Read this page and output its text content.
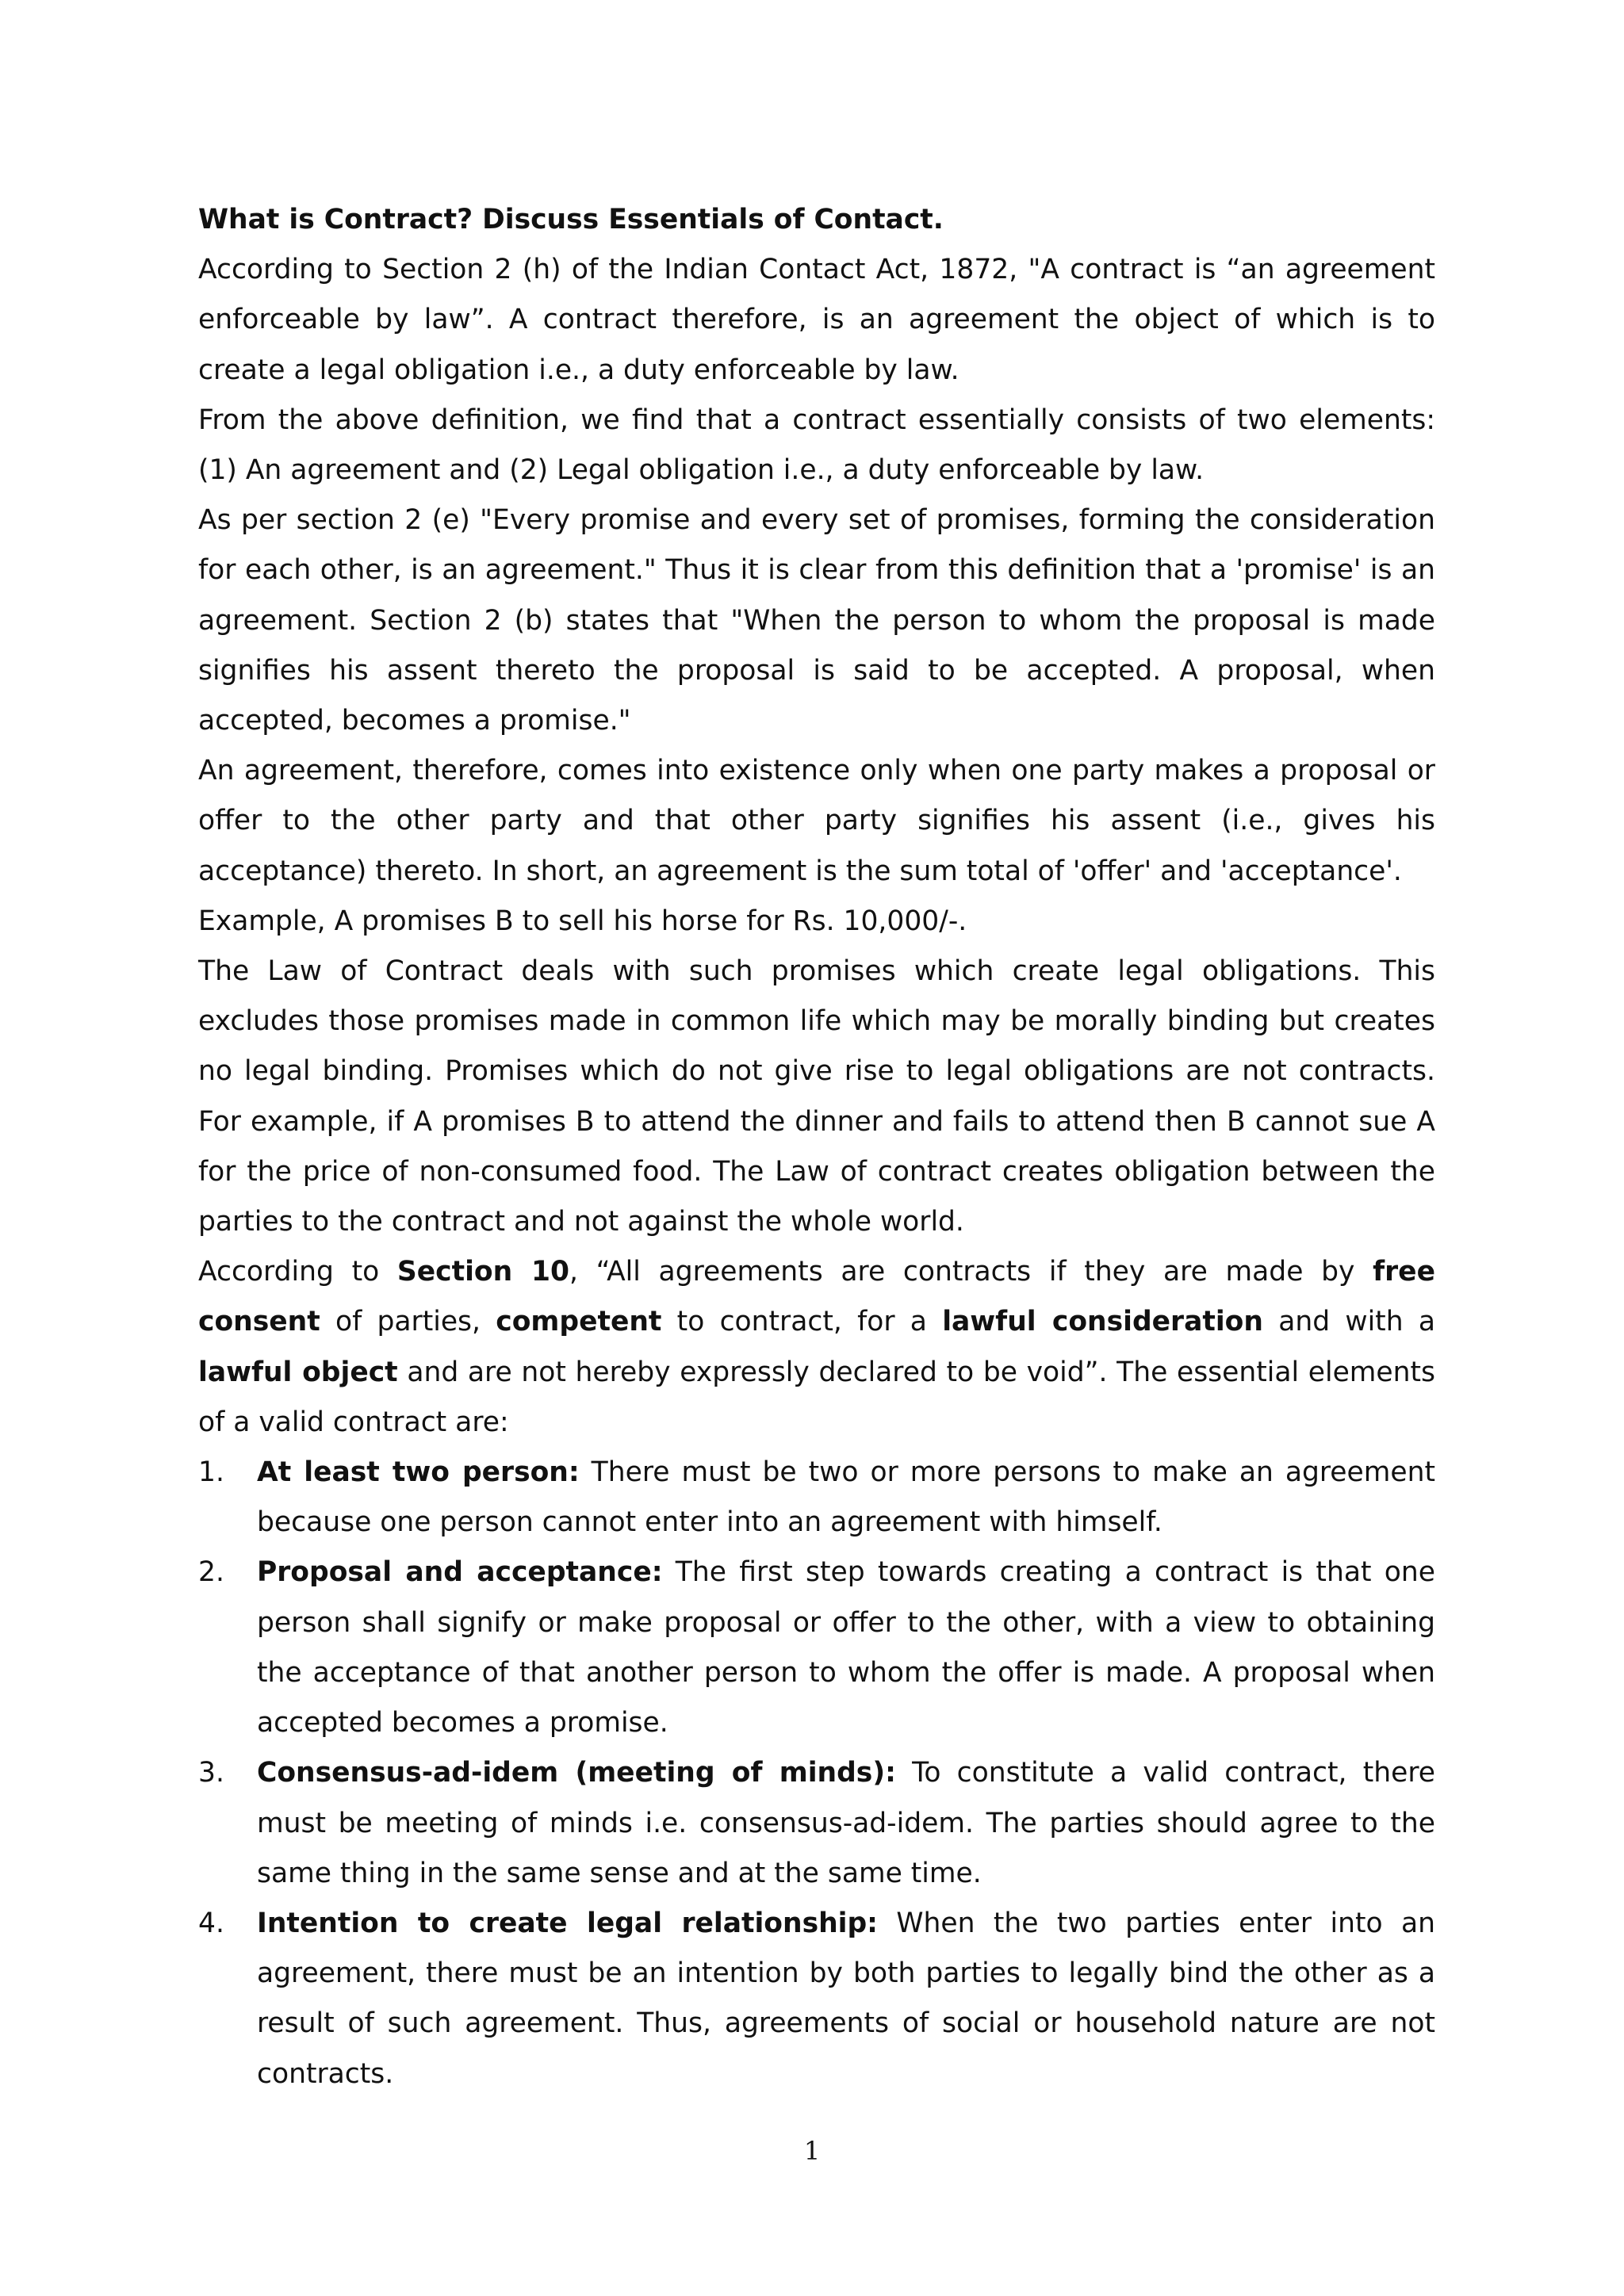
What is Contract? Discuss Essentials of Contact.

According to Section 2 (h) of the Indian Contact Act, 1872, "A contract is “an agreement enforceable by law”. A contract therefore, is an agreement the object of which is to create a legal obligation i.e., a duty enforceable by law.

From the above definition, we find that a contract essentially consists of two elements: (1) An agreement and (2) Legal obligation i.e., a duty enforceable by law.

As per section 2 (e) "Every promise and every set of promises, forming the consideration for each other, is an agreement." Thus it is clear from this definition that a 'promise' is an agreement. Section 2 (b) states that "When the person to whom the proposal is made signifies his assent thereto the proposal is said to be accepted. A proposal, when accepted, becomes a promise."

An agreement, therefore, comes into existence only when one party makes a proposal or offer to the other party and that other party signifies his assent (i.e., gives his acceptance) thereto. In short, an agreement is the sum total of 'offer' and 'acceptance'.

Example, A promises B to sell his horse for Rs. 10,000/-.

The Law of Contract deals with such promises which create legal obligations. This excludes those promises made in common life which may be morally binding but creates no legal binding. Promises which do not give rise to legal obligations are not contracts. For example, if A promises B to attend the dinner and fails to attend then B cannot sue A for the price of non-consumed food. The Law of contract creates obligation between the parties to the contract and not against the whole world.

According to Section 10, “All agreements are contracts if they are made by free consent of parties, competent to contract, for a lawful consideration and with a lawful object and are not hereby expressly declared to be void”. The essential elements of a valid contract are:

1. At least two person: There must be two or more persons to make an agreement because one person cannot enter into an agreement with himself.
2. Proposal and acceptance: The first step towards creating a contract is that one person shall signify or make proposal or offer to the other, with a view to obtaining the acceptance of that another person to whom the offer is made. A proposal when accepted becomes a promise.
3. Consensus-ad-idem (meeting of minds): To constitute a valid contract, there must be meeting of minds i.e. consensus-ad-idem. The parties should agree to the same thing in the same sense and at the same time.
4. Intention to create legal relationship: When the two parties enter into an agreement, there must be an intention by both parties to legally bind the other as a result of such agreement. Thus, agreements of social or household nature are not contracts.
1
